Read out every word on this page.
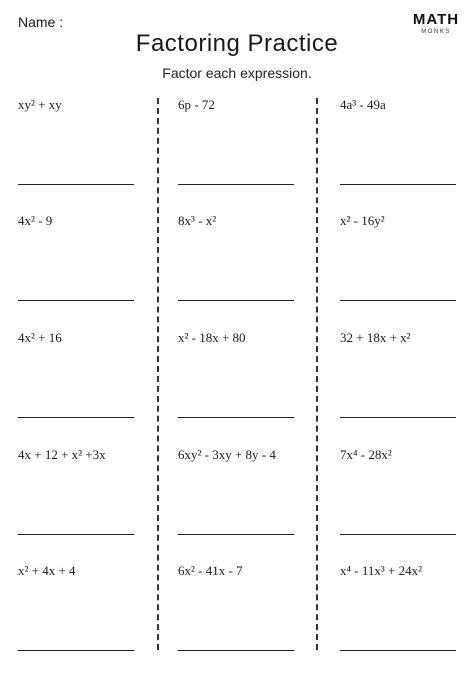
Name :	MATH
MONKS
Factoring Practice
Factor each expression.
xy² + xy	6p - 72	4a³ - 49a
4x² - 9	8x³ - x²	x² - 16y²
4x² + 16	x² - 18x + 80	32 + 18x + x²
4x + 12 + x² +3x	6xy² - 3xy + 8y - 4	7x⁴ - 28x²
x² + 4x + 4	6x² - 41x - 7	x⁴ - 11x³ + 24x²
